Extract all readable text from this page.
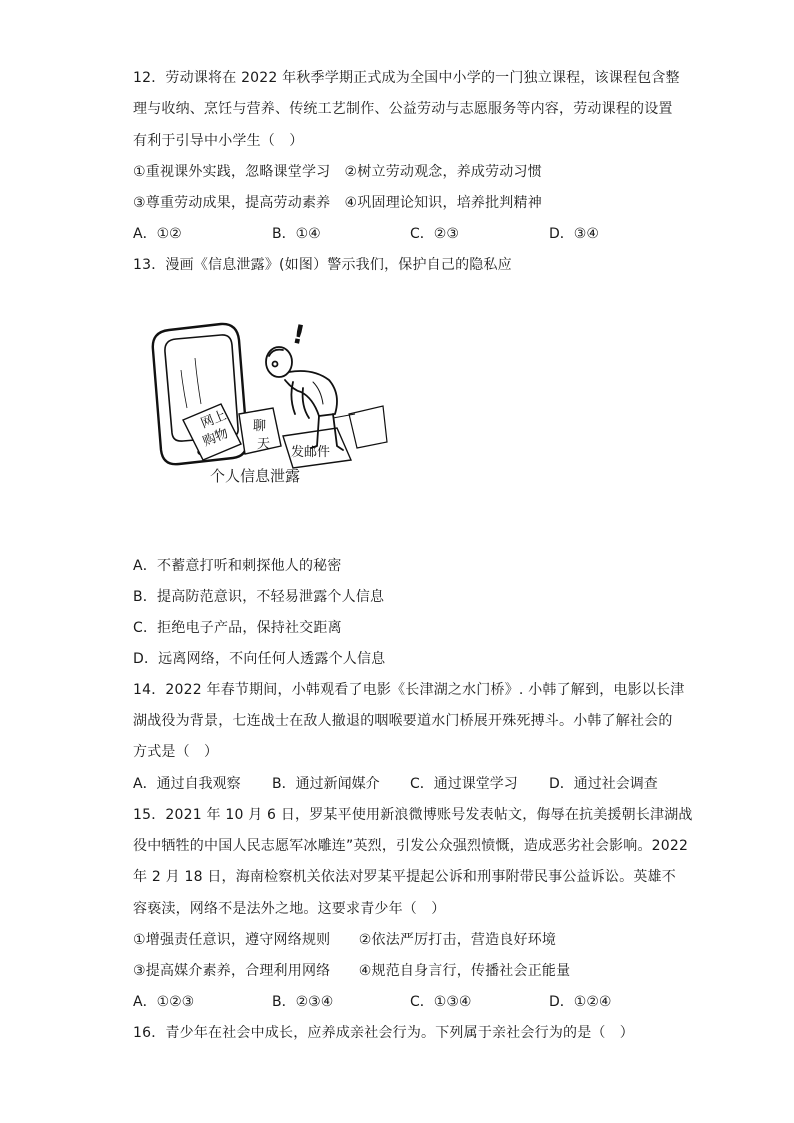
12．劳动课将在 2022 年秋季学期正式成为全国中小学的一门独立课程，该课程包含整
理与收纳、烹饪与营养、传统工艺制作、公益劳动与志愿服务等内容，劳动课程的设置
有利于引导中小学生（　）
①重视课外实践，忽略课堂学习　②树立劳动观念，养成劳动习惯
③尊重劳动成果，提高劳动素养　④巩固理论知识，培养批判精神
A．①②	B．①④	C．②③	D．③④
13．漫画《信息泄露》(如图）警示我们，保护自己的隐私应
网上
购物 聊
天
发邮件
!
个人信息泄露
A．不蓄意打听和刺探他人的秘密
B．提高防范意识，不轻易泄露个人信息
C．拒绝电子产品，保持社交距离
D．远离网络，不向任何人透露个人信息
14．2022 年春节期间，小韩观看了电影《长津湖之水门桥》. 小韩了解到，电影以长津
湖战役为背景，七连战士在敌人撤退的咽喉要道水门桥展开殊死搏斗。小韩了解社会的
方式是（　）
A．通过自我观察 B．通过新闻媒介 C．通过课堂学习 D．通过社会调查
15．2021 年 10 月 6 日，罗某平使用新浪微博账号发表帖文，侮辱在抗美援朝长津湖战
役中牺牲的中国人民志愿军冰雕连”英烈，引发公众强烈愤慨，造成恶劣社会影响。2022
年 2 月 18 日，海南检察机关依法对罗某平提起公诉和刑事附带民事公益诉讼。英雄不
容亵渎，网络不是法外之地。这要求青少年（　）
①增强责任意识，遵守网络规则　　②依法严厉打击，营造良好环境
③提高媒介素养，合理利用网络　　④规范自身言行，传播社会正能量
A．①②③	B．②③④	C．①③④	D．①②④
16．青少年在社会中成长，应养成亲社会行为。下列属于亲社会行为的是（　）
